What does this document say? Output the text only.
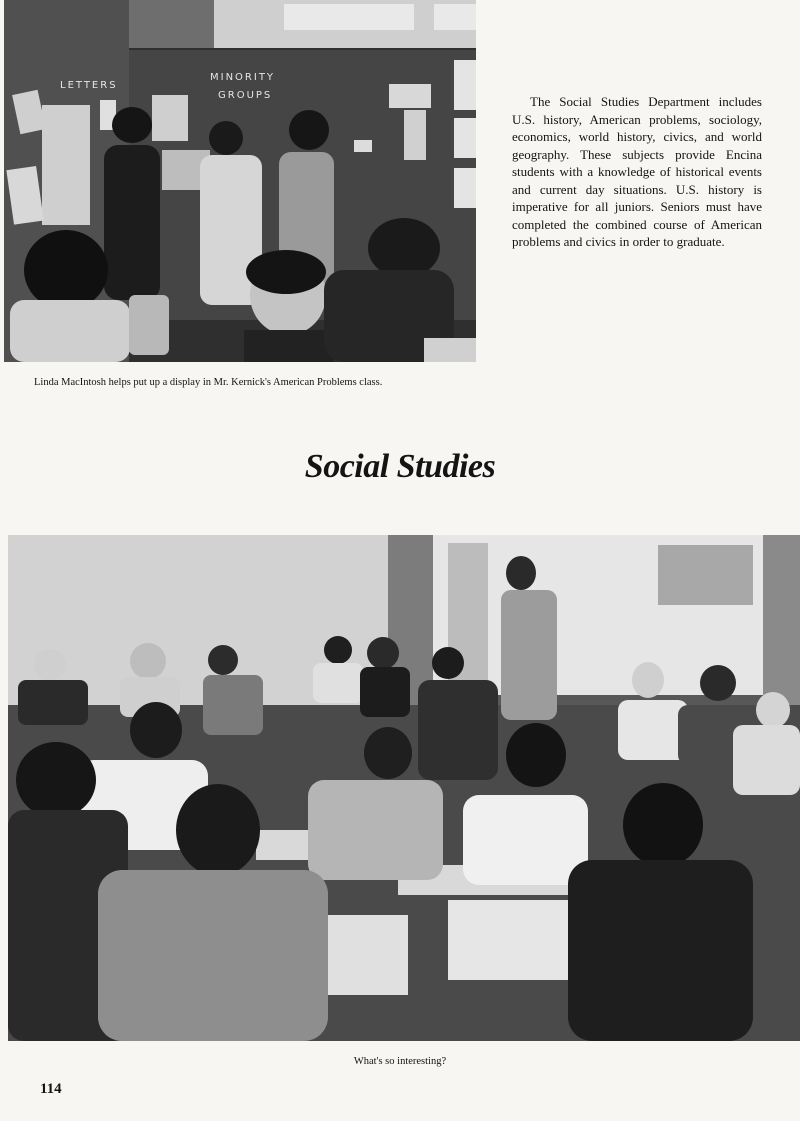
LETTERS
MINORITY
GROUPS	The Social Studies Department includes U.S. history, American problems, sociology, economics, world history, civics, and world geography. These subjects provide Encina students with a knowledge of historical events and current day situations. U.S. history is imperative for all juniors. Seniors must have completed the combined course of American problems and civics in order to graduate.

Linda MacIntosh helps put up a display in Mr. Kernick's American Problems class.

Social Studies

What's so interesting?

114
